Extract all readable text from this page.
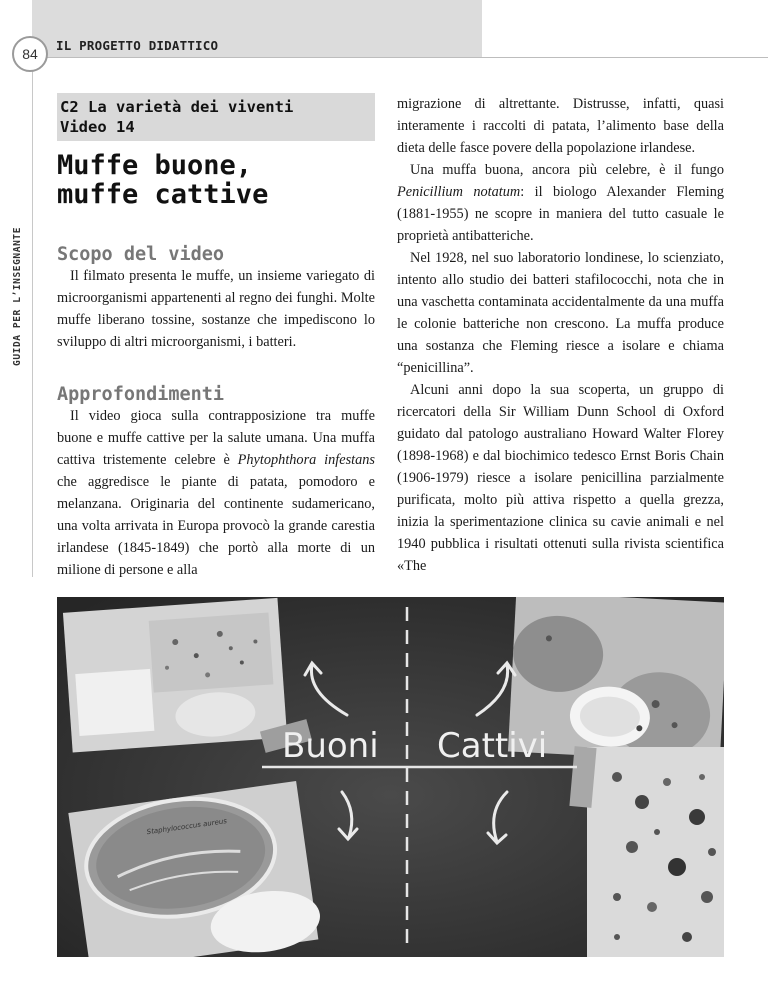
84
IL PROGETTO DIDATTICO
GUIDA PER L’INSEGNANTE
C2 La varietà dei viventi
Video 14
Muffe buone,
muffe cattive
Scopo del video

Il filmato presenta le muffe, un insieme variegato di microorganismi appartenenti al regno dei funghi. Molte muffe liberano tossine, sostanze che impediscono lo sviluppo di altri microorganismi, i batteri.

Approfondimenti

Il video gioca sulla contrapposizione tra muffe buone e muffe cattive per la salute umana. Una muffa cattiva tristemente celebre è Phytophthora infestans che aggredisce le piante di patata, pomodoro e melanzana. Originaria del continente sudamericano, una volta arrivata in Europa provocò la grande carestia irlandese (1845-1849) che portò alla morte di un milione di persone e alla

migrazione di altrettante. Distrusse, infatti, quasi interamente i raccolti di patata, l’alimento base della dieta delle fasce povere della popolazione irlandese.

Una muffa buona, ancora più celebre, è il fungo Penicillium notatum: il biologo Alexander Fleming (1881-1955) ne scopre in maniera del tutto casuale le proprietà antibatteriche.

Nel 1928, nel suo laboratorio londinese, lo scienziato, intento allo studio dei batteri stafilococchi, nota che in una vaschetta contaminata accidentalmente da una muffa le colonie batteriche non crescono. La muffa produce una sostanza che Fleming riesce a isolare e chiama “penicillina”.

Alcuni anni dopo la sua scoperta, un gruppo di ricercatori della Sir William Dunn School di Oxford guidato dal patologo australiano Howard Walter Florey (1898-1968) e dal biochimico tedesco Ernst Boris Chain (1906-1979) riesce a isolare penicillina parzialmente purificata, molto più attiva rispetto a quella grezza, inizia la sperimentazione clinica su cavie animali e nel 1940 pubblica i risultati ottenuti sulla rivista scientifica «The

Staphylococcus aureus
Buoni Cattivi
